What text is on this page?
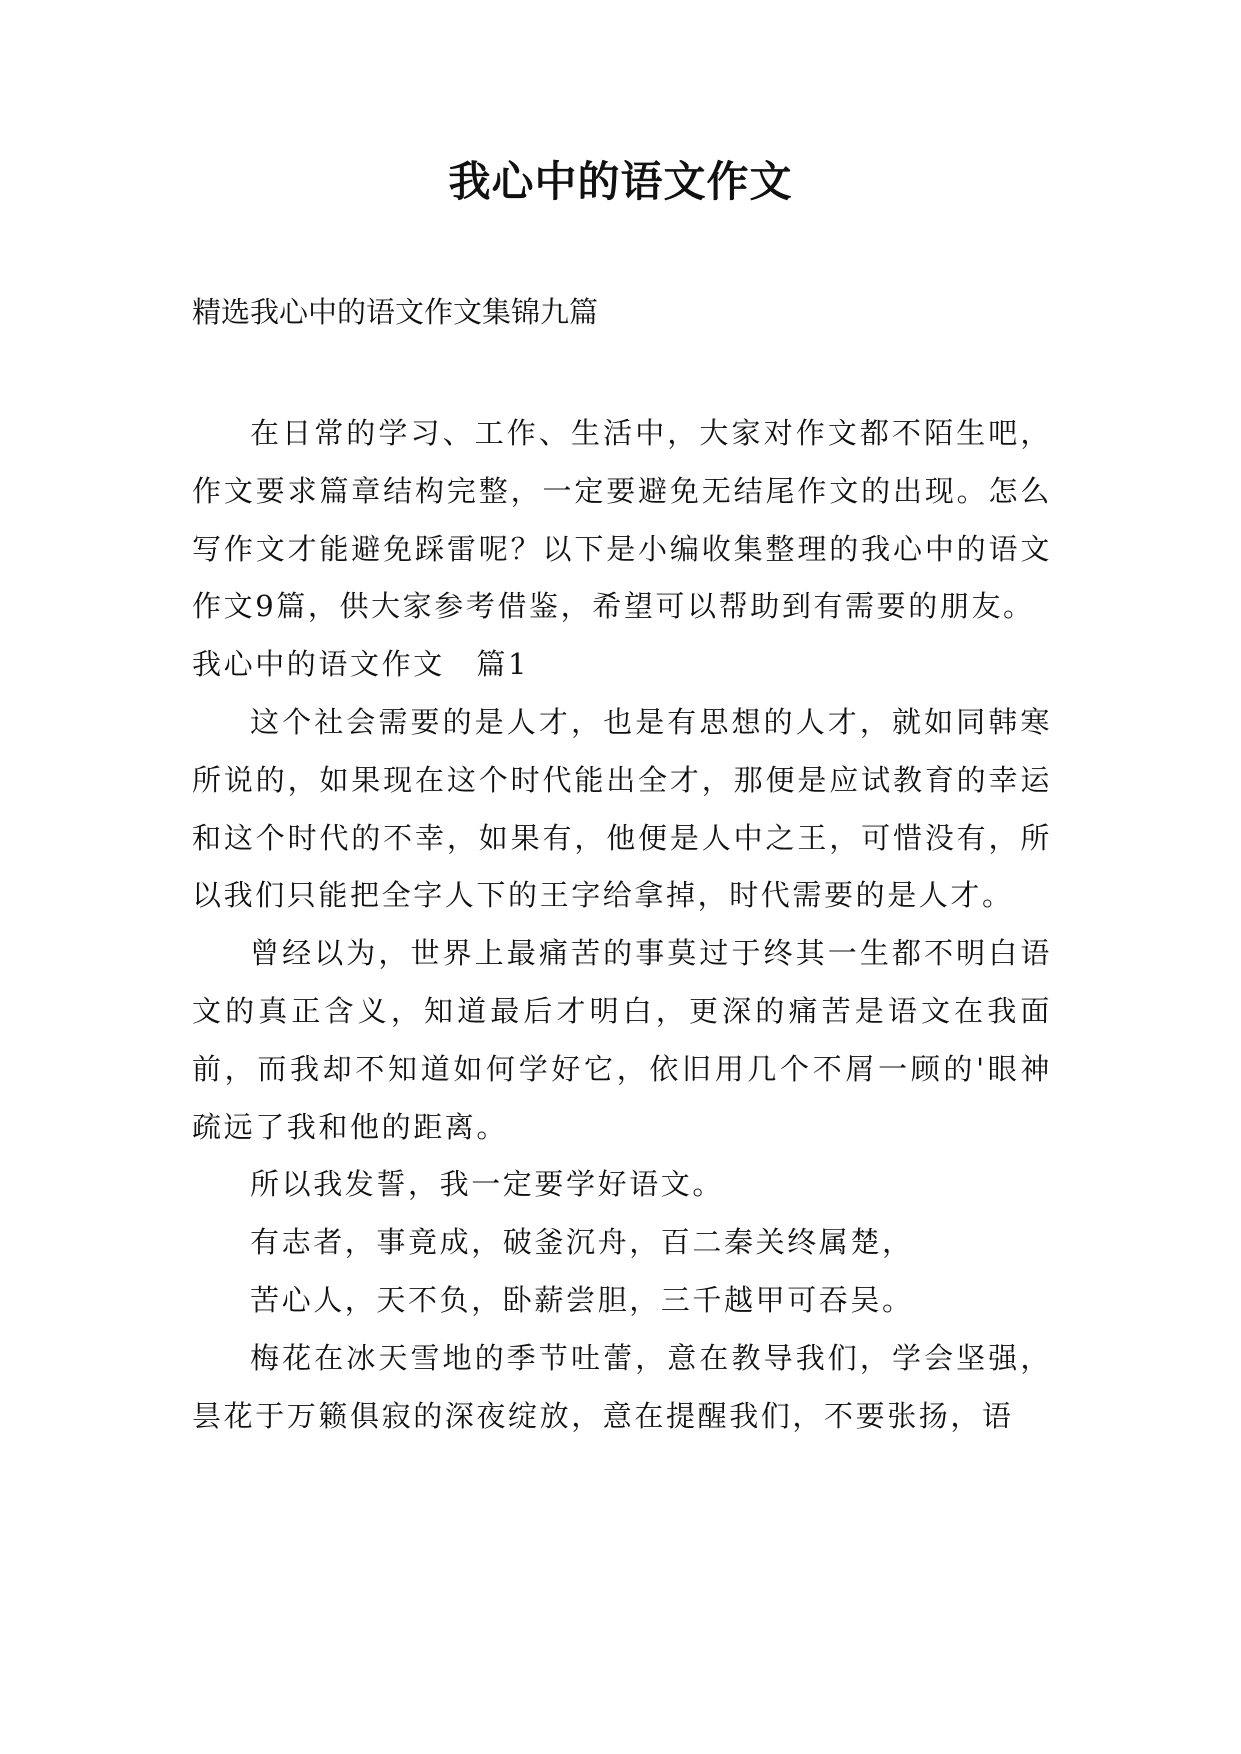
我心中的语文作文
精选我心中的语文作文集锦九篇

在日常的学习、工作、生活中，大家对作文都不陌生吧，作文要求篇章结构完整，一定要避免无结尾作文的出现。怎么写作文才能避免踩雷呢？以下是小编收集整理的我心中的语文作文9篇，供大家参考借鉴，希望可以帮助到有需要的朋友。

我心中的语文作文　篇1

这个社会需要的是人才，也是有思想的人才，就如同韩寒所说的，如果现在这个时代能出全才，那便是应试教育的幸运和这个时代的不幸，如果有，他便是人中之王，可惜没有，所以我们只能把全字人下的王字给拿掉，时代需要的是人才。

曾经以为，世界上最痛苦的事莫过于终其一生都不明白语文的真正含义，知道最后才明白，更深的痛苦是语文在我面前，而我却不知道如何学好它，依旧用几个不屑一顾的'眼神疏远了我和他的距离。

所以我发誓，我一定要学好语文。

有志者，事竟成，破釜沉舟，百二秦关终属楚，

苦心人，天不负，卧薪尝胆，三千越甲可吞吴。

梅花在冰天雪地的季节吐蕾，意在教导我们，学会坚强，昙花于万籁俱寂的深夜绽放，意在提醒我们，不要张扬，语
